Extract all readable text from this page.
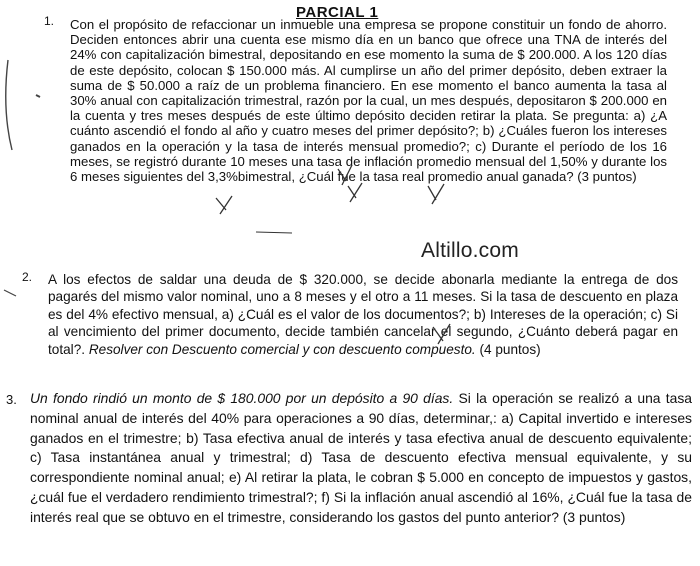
PARCIAL 1
1. Con el propósito de refaccionar un inmueble una empresa se propone constituir un fondo de ahorro. Deciden entonces abrir una cuenta ese mismo día en un banco que ofrece una TNA de interés del 24% con capitalización bimestral, depositando en ese momento la suma de $ 200.000. A los 120 días de este depósito, colocan $ 150.000 más. Al cumplirse un año del primer depósito, deben extraer la suma de $ 50.000 a raíz de un problema financiero. En ese momento el banco aumenta la tasa al 30% anual con capitalización trimestral, razón por la cual, un mes después, depositaron $ 200.000 en la cuenta y tres meses después de este último depósito deciden retirar la plata. Se pregunta: a) ¿A cuánto ascendió el fondo al año y cuatro meses del primer depósito?; b) ¿Cuáles fueron los intereses ganados en la operación y la tasa de interés mensual promedio?; c) Durante el período de los 16 meses, se registró durante 10 meses una tasa de inflación promedio mensual del 1,50% y durante los 6 meses siguientes del 3,3%bimestral, ¿Cuál fue la tasa real promedio anual ganada? (3 puntos)
Altillo.com
2. A los efectos de saldar una deuda de $ 320.000, se decide abonarla mediante la entrega de dos pagarés del mismo valor nominal, uno a 8 meses y el otro a 11 meses. Si la tasa de descuento en plaza es del 4% efectivo mensual, a) ¿Cuál es el valor de los documentos?; b) Intereses de la operación; c) Si al vencimiento del primer documento, decide también cancelar el segundo, ¿Cuánto deberá pagar en total?. Resolver con Descuento comercial y con descuento compuesto. (4 puntos)
3. Un fondo rindió un monto de $ 180.000 por un depósito a 90 días. Si la operación se realizó a una tasa nominal anual de interés del 40% para operaciones a 90 días, determinar,: a) Capital invertido e intereses ganados en el trimestre; b) Tasa efectiva anual de interés y tasa efectiva anual de descuento equivalente; c) Tasa instantánea anual y trimestral; d) Tasa de descuento efectiva mensual equivalente, y su correspondiente nominal anual; e) Al retirar la plata, le cobran $ 5.000 en concepto de impuestos y gastos, ¿cuál fue el verdadero rendimiento trimestral?; f) Si la inflación anual ascendió al 16%, ¿Cuál fue la tasa de interés real que se obtuvo en el trimestre, considerando los gastos del punto anterior? (3 puntos)
